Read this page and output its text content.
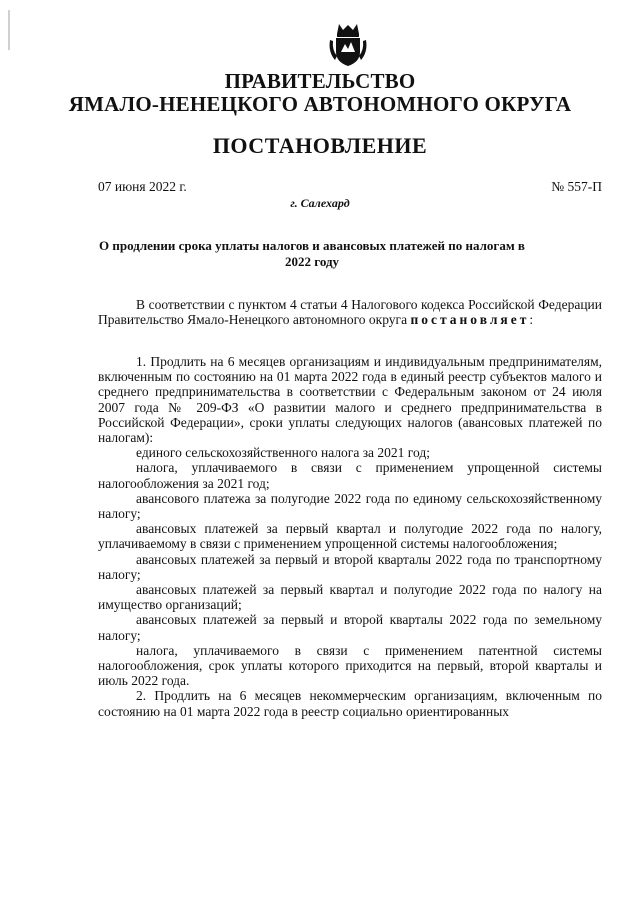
ПРАВИТЕЛЬСТВО
ЯМАЛО-НЕНЕЦКОГО АВТОНОМНОГО ОКРУГА
ПОСТАНОВЛЕНИЕ
07 июня 2022 г.	№ 557-П
г. Салехард
О продлении срока уплаты налогов и авансовых платежей по налогам в 2022 году

В соответствии с пунктом 4 статьи 4 Налогового кодекса Российской Федерации Правительство Ямало-Ненецкого автономного округа постановляет:

1. Продлить на 6 месяцев организациям и индивидуальным предпринимателям, включенным по состоянию на 01 марта 2022 года в единый реестр субъектов малого и среднего предпринимательства в соответствии с Федеральным законом от 24 июля 2007 года № 209-ФЗ «О развитии малого и среднего предпринимательства в Российской Федерации», сроки уплаты следующих налогов (авансовых платежей по налогам):

единого сельскохозяйственного налога за 2021 год;

налога, уплачиваемого в связи с применением упрощенной системы налогообложения за 2021 год;

авансового платежа за полугодие 2022 года по единому сельскохозяйственному налогу;

авансовых платежей за первый квартал и полугодие 2022 года по налогу, уплачиваемому в связи с применением упрощенной системы налогообложения;

авансовых платежей за первый и второй кварталы 2022 года по транспортному налогу;

авансовых платежей за первый квартал и полугодие 2022 года по налогу на имущество организаций;

авансовых платежей за первый и второй кварталы 2022 года по земельному налогу;

налога, уплачиваемого в связи с применением патентной системы налогообложения, срок уплаты которого приходится на первый, второй кварталы и июль 2022 года.

2. Продлить на 6 месяцев некоммерческим организациям, включенным по состоянию на 01 марта 2022 года в реестр социально ориентированных
